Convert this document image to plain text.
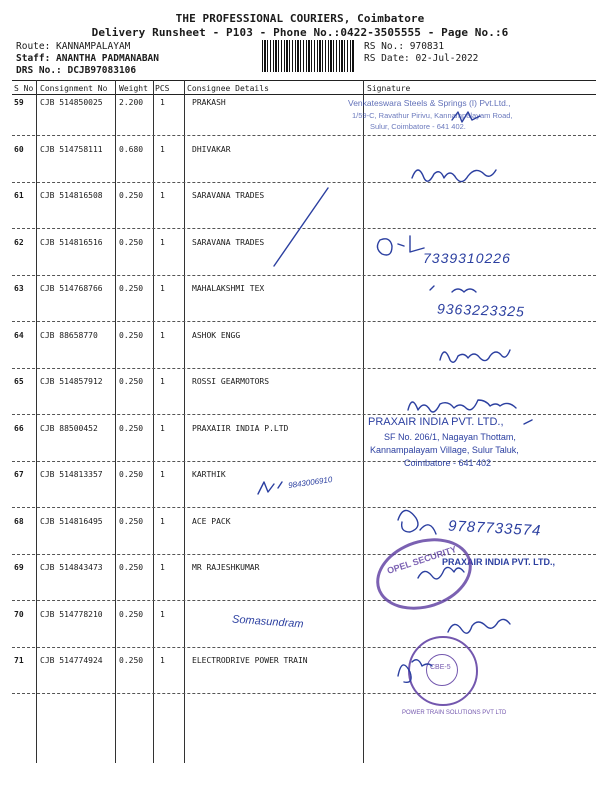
THE PROFESSIONAL COURIERS, Coimbatore
Delivery Runsheet - P103 - Phone No.:0422-3505555 - Page No.:6
Route: KANNAMPALAYAM
Staff: ANANTHA PADMANABAN
DRS No.: DCJB97083106
RS No.: 970831
RS Date: 02-Jul-2022
S No Consignment No Weight PCS Consignee Details	Signature
59 CJB 514850025 2.200 1	PRAKASH
60 CJB 514758111 0.680 1	DHIVAKAR
61 CJB 514816508 0.250 1	SARAVANA TRADES
62 CJB 514816516 0.250 1	SARAVANA TRADES
63 CJB 514768766 0.250 1	MAHALAKSHMI TEX
64 CJB 88658770	0.250 1	ASHOK ENGG
65 CJB 514857912 0.250 1	ROSSI GEARMOTORS
66 CJB 88500452	0.250 1	PRAXAIIR INDIA P.LTD
67 CJB 514813357 0.250 1	KARTHIK
68 CJB 514816495 0.250 1	ACE PACK
69 CJB 514843473 0.250 1	MR RAJESHKUMAR
70 CJB 514778210 0.250 1
71 CJB 514774924 0.250 1	ELECTRODRIVE POWER TRAIN
Venkateswara Steels & Springs (I) Pvt.Ltd.,
1/59-C, Ravathur Pirivu, Kannampalayam Road,
Sulur, Coimbatore - 641 402.
PRAXAIR INDIA PVT. LTD.,
SF No. 206/1, Nagayan Thottam,
Kannampalayam Village, Sulur Taluk,
Coimbatore - 641 402
PRAXAIR INDIA PVT. LTD.,
7339310226
9363223325
9843006910
9787733574
Somasundram
OPEL SECURITY
CBE-5
POWER TRAIN SOLUTIONS PVT LTD
